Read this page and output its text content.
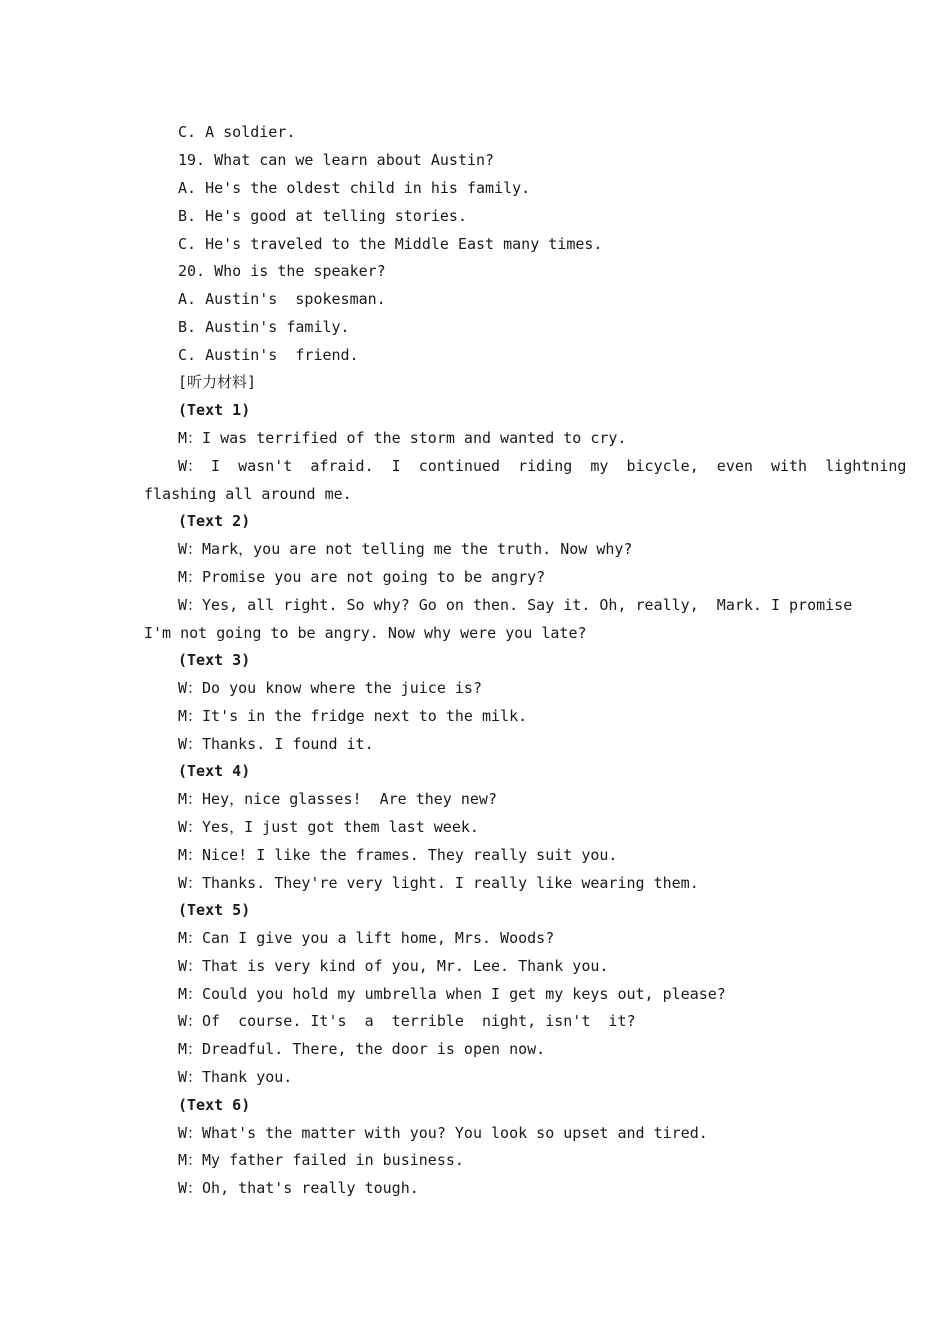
C. A soldier.
19. What can we learn about Austin?
A. He's the oldest child in his family.
B. He's good at telling stories.
C. He's traveled to the Middle East many times.
20. Who is the speaker?
A. Austin's  spokesman.
B. Austin's family.
C. Austin's  friend.
[听力材料]
(Text 1)
M：I was terrified of the storm and wanted to cry.
W： I  wasn't  afraid.  I  continued  riding  my  bicycle,  even  with  lightning
flashing all around me.
(Text 2)
W：Mark，you are not telling me the truth. Now why?
M：Promise you are not going to be angry?
W：Yes, all right. So why? Go on then. Say it. Oh, really,  Mark. I promise
I'm not going to be angry. Now why were you late?
(Text 3)
W：Do you know where the juice is?
M：It's in the fridge next to the milk.
W：Thanks. I found it.
(Text 4)
M：Hey，nice glasses!  Are they new?
W：Yes，I just got them last week.
M：Nice! I like the frames. They really suit you.
W：Thanks. They're very light. I really like wearing them.
(Text 5)
M：Can I give you a lift home, Mrs. Woods?
W：That is very kind of you, Mr. Lee. Thank you.
M：Could you hold my umbrella when I get my keys out, please?
W：Of  course. It's  a  terrible  night, isn't  it?
M：Dreadful. There, the door is open now.
W：Thank you.
(Text 6)
W：What's the matter with you? You look so upset and tired.
M：My father failed in business.
W：Oh, that's really tough.
